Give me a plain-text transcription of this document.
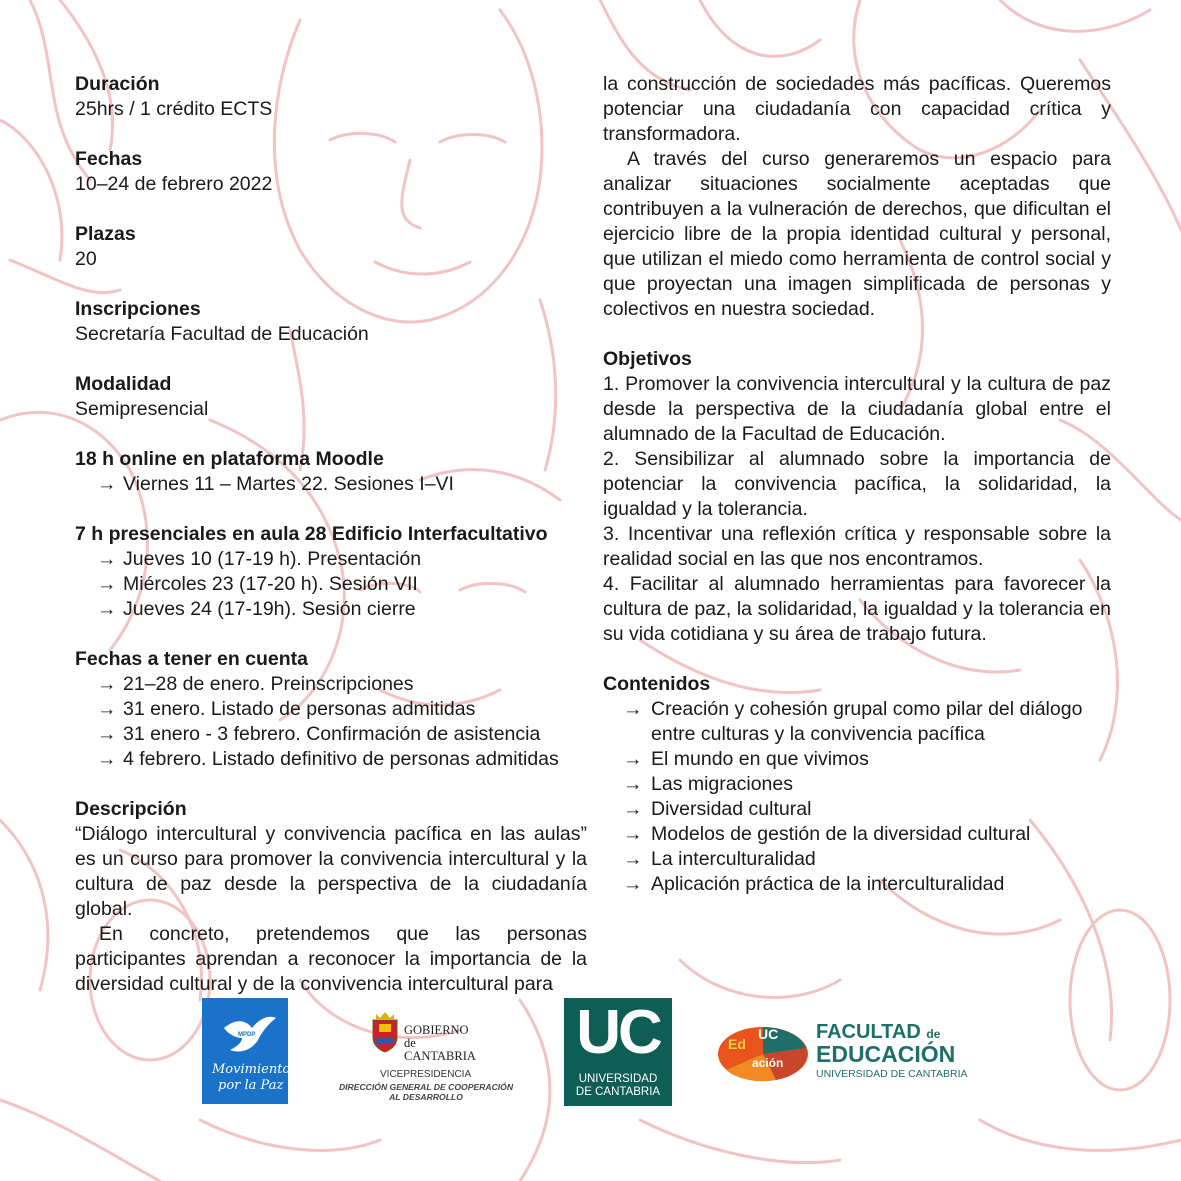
Duración
25hrs / 1 crédito ECTS
Fechas
10–24 de febrero 2022
Plazas
20
Inscripciones
Secretaría Facultad de Educación
Modalidad
Semipresencial
18 h online en plataforma Moodle
→ Viernes 11 – Martes 22. Sesiones I–VI
7 h presenciales en aula 28 Edificio Interfacultativo
→ Jueves 10 (17-19 h). Presentación
→ Miércoles 23 (17-20 h). Sesión VII
→ Jueves 24 (17-19h). Sesión cierre
Fechas a tener en cuenta
→ 21–28 de enero. Preinscripciones
→ 31 enero. Listado de personas admitidas
→ 31 enero - 3 febrero. Confirmación de asistencia
→ 4 febrero. Listado definitivo de personas admitidas
Descripción

“Diálogo intercultural y convivencia pacífica en las aulas” es un curso para promover la convivencia intercultural y la cultura de paz desde la perspectiva de la ciudadanía global.

En concreto, pretendemos que las personas participantes aprendan a reconocer la importancia de la diversidad cultural y de la convivencia intercultural para

la construcción de sociedades más pacíficas. Queremos potenciar una ciudadanía con capacidad crítica y transformadora.

A través del curso generaremos un espacio para analizar situaciones socialmente aceptadas que contribuyen a la vulneración de derechos, que dificultan el ejercicio libre de la propia identidad cultural y personal, que utilizan el miedo como herramienta de control social y que proyectan una imagen simplificada de personas y colectivos en nuestra sociedad.

Objetivos

1. Promover la convivencia intercultural y la cultura de paz desde la perspectiva de la ciudadanía global entre el alumnado de la Facultad de Educación.

2. Sensibilizar al alumnado sobre la importancia de potenciar la convivencia pacífica, la solidaridad, la igualdad y la tolerancia.

3. Incentivar una reflexión crítica y responsable sobre la realidad social en las que nos encontramos.

4. Facilitar al alumnado herramientas para favorecer la cultura de paz, la solidaridad, la igualdad y la tolerancia en su vida cotidiana y su área de trabajo futura.

Contenidos
→ Creación y cohesión grupal como pilar del diálogo entre culturas y la convivencia pacífica
→ El mundo en que vivimos
→ Las migraciones
→ Diversidad cultural
→ Modelos de gestión de la diversidad cultural
→ La interculturalidad
→ Aplicación práctica de la interculturalidad
MPDP
Movimiento
por la Paz
GOBIERNO
de
CANTABRIA
VICEPRESIDENCIA
DIRECCIÓN GENERAL DE COOPERACIÓN
AL DESARROLLO
UC
UNIVERSIDAD
DE CANTABRIA
Ed
UC
ación
FACULTAD de
EDUCACIÓN
UNIVERSIDAD DE CANTABRIA
